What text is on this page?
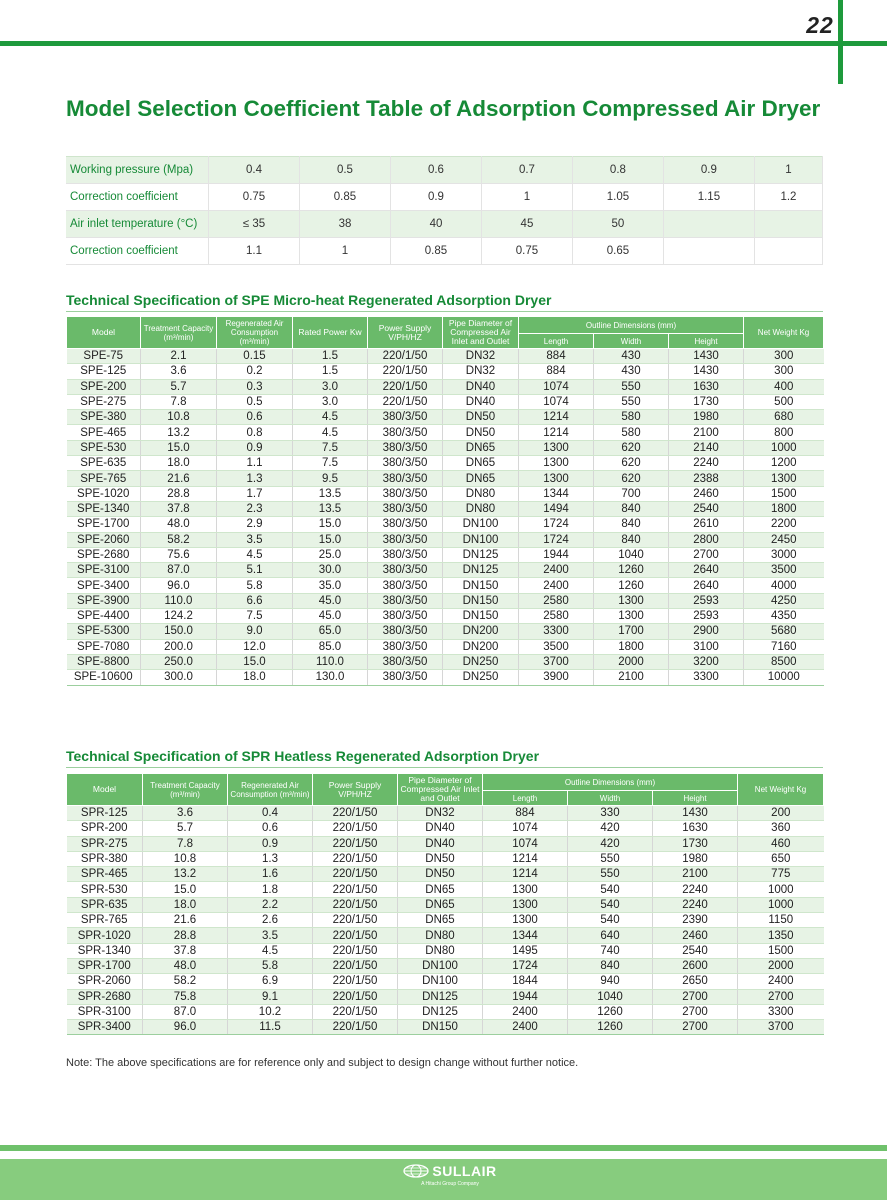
22
Model Selection Coefficient Table of Adsorption Compressed Air Dryer
Working pressure (Mpa)	0.4	0.5	0.6	0.7	0.8	0.9	1
Correction coefficient	0.75	0.85	0.9	1	1.05	1.15	1.2
Air inlet temperature (°C)	≤ 35	38	40	45	50		
Correction coefficient	1.1	1	0.85	0.75	0.65		
Technical Specification of SPE Micro-heat Regenerated Adsorption Dryer
Model	Treatment Capacity (m³/min)	Regenerated Air Consumption (m³/min)	Rated Power Kw	Power Supply V/PH/HZ	Pipe Diameter of Compressed Air Inlet and Outlet	Outline Dimensions (mm)			Net Weight Kg
						Length	Width	Height	
SPE-75	2.1	0.15	1.5	220/1/50	DN32	884	430	1430	300
SPE-125	3.6	0.2	1.5	220/1/50	DN32	884	430	1430	300
SPE-200	5.7	0.3	3.0	220/1/50	DN40	1074	550	1630	400
SPE-275	7.8	0.5	3.0	220/1/50	DN40	1074	550	1730	500
SPE-380	10.8	0.6	4.5	380/3/50	DN50	1214	580	1980	680
SPE-465	13.2	0.8	4.5	380/3/50	DN50	1214	580	2100	800
SPE-530	15.0	0.9	7.5	380/3/50	DN65	1300	620	2140	1000
SPE-635	18.0	1.1	7.5	380/3/50	DN65	1300	620	2240	1200
SPE-765	21.6	1.3	9.5	380/3/50	DN65	1300	620	2388	1300
SPE-1020	28.8	1.7	13.5	380/3/50	DN80	1344	700	2460	1500
SPE-1340	37.8	2.3	13.5	380/3/50	DN80	1494	840	2540	1800
SPE-1700	48.0	2.9	15.0	380/3/50	DN100	1724	840	2610	2200
SPE-2060	58.2	3.5	15.0	380/3/50	DN100	1724	840	2800	2450
SPE-2680	75.6	4.5	25.0	380/3/50	DN125	1944	1040	2700	3000
SPE-3100	87.0	5.1	30.0	380/3/50	DN125	2400	1260	2640	3500
SPE-3400	96.0	5.8	35.0	380/3/50	DN150	2400	1260	2640	4000
SPE-3900	110.0	6.6	45.0	380/3/50	DN150	2580	1300	2593	4250
SPE-4400	124.2	7.5	45.0	380/3/50	DN150	2580	1300	2593	4350
SPE-5300	150.0	9.0	65.0	380/3/50	DN200	3300	1700	2900	5680
SPE-7080	200.0	12.0	85.0	380/3/50	DN200	3500	1800	3100	7160
SPE-8800	250.0	15.0	110.0	380/3/50	DN250	3700	2000	3200	8500
SPE-10600	300.0	18.0	130.0	380/3/50	DN250	3900	2100	3300	10000
Technical Specification of SPR Heatless Regenerated Adsorption Dryer
Model	Treatment Capacity (m³/min)	Regenerated Air Consumption (m³/min)	Power Supply V/PH/HZ	Pipe Diameter of Compressed Air Inlet and Outlet	Outline Dimensions (mm)			Net Weight Kg
					Length	Width	Height	
SPR-125	3.6	0.4	220/1/50	DN32	884	330	1430	200
SPR-200	5.7	0.6	220/1/50	DN40	1074	420	1630	360
SPR-275	7.8	0.9	220/1/50	DN40	1074	420	1730	460
SPR-380	10.8	1.3	220/1/50	DN50	1214	550	1980	650
SPR-465	13.2	1.6	220/1/50	DN50	1214	550	2100	775
SPR-530	15.0	1.8	220/1/50	DN65	1300	540	2240	1000
SPR-635	18.0	2.2	220/1/50	DN65	1300	540	2240	1000
SPR-765	21.6	2.6	220/1/50	DN65	1300	540	2390	1150
SPR-1020	28.8	3.5	220/1/50	DN80	1344	640	2460	1350
SPR-1340	37.8	4.5	220/1/50	DN80	1495	740	2540	1500
SPR-1700	48.0	5.8	220/1/50	DN100	1724	840	2600	2000
SPR-2060	58.2	6.9	220/1/50	DN100	1844	940	2650	2400
SPR-2680	75.8	9.1	220/1/50	DN125	1944	1040	2700	2700
SPR-3100	87.0	10.2	220/1/50	DN125	2400	1260	2700	3300
SPR-3400	96.0	11.5	220/1/50	DN150	2400	1260	2700	3700
Note: The above specifications are for reference only and subject to design change without further notice.
SULLAIR
A Hitachi Group Company
